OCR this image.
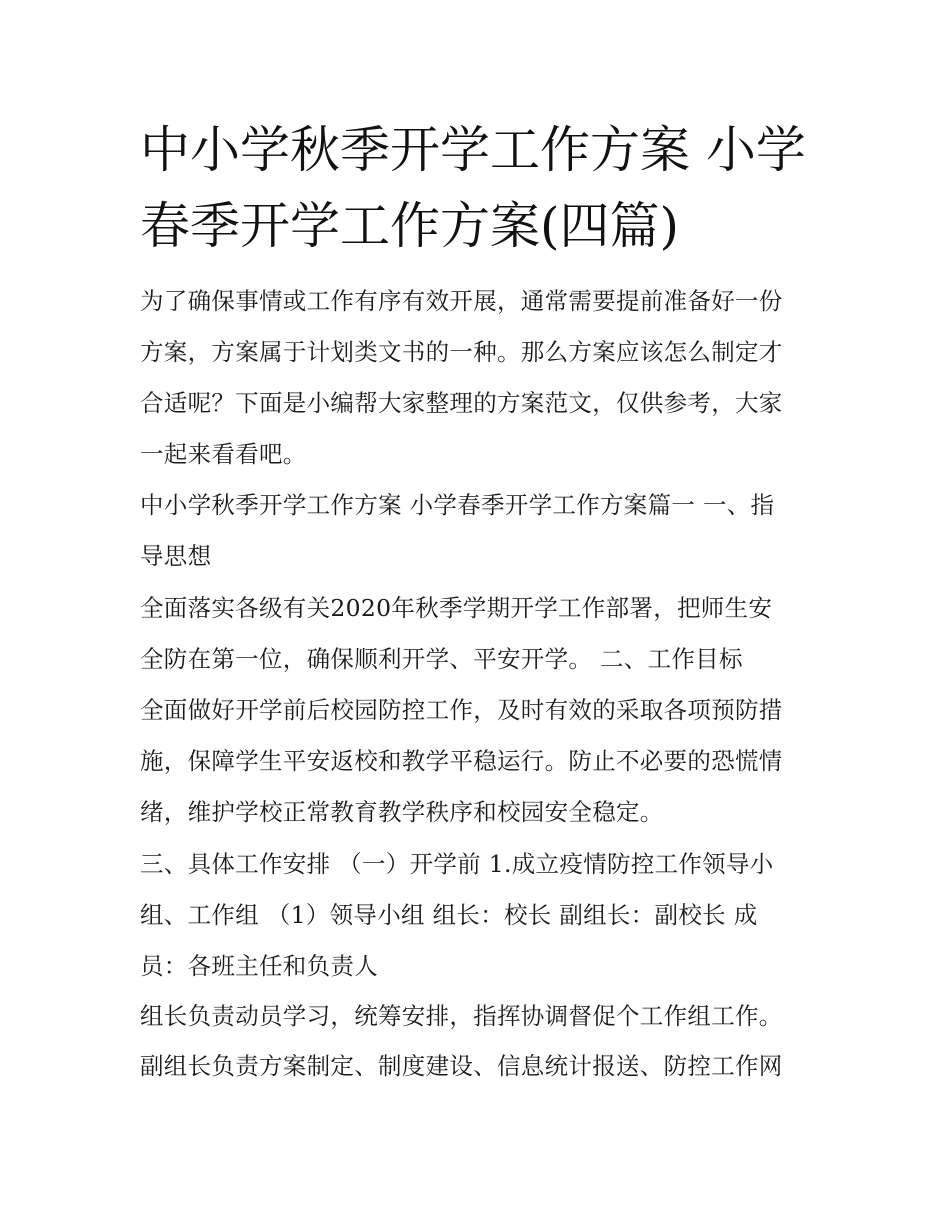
中小学秋季开学工作方案 小学
春季开学工作方案(四篇)

为了确保事情或工作有序有效开展，通常需要提前准备好一份
方案，方案属于计划类文书的一种。那么方案应该怎么制定才
合适呢？下面是小编帮大家整理的方案范文，仅供参考，大家
一起来看看吧。

中小学秋季开学工作方案 小学春季开学工作方案篇一 一、指
导思想

全面落实各级有关2020年秋季学期开学工作部署，把师生安
全防在第一位，确保顺利开学、平安开学。 二、工作目标

全面做好开学前后校园防控工作，及时有效的采取各项预防措
施，保障学生平安返校和教学平稳运行。防止不必要的恐慌情
绪，维护学校正常教育教学秩序和校园安全稳定。

三、具体工作安排 （一）开学前 1.成立疫情防控工作领导小
组、工作组 （1）领导小组 组长：校长 副组长：副校长 成
员：各班主任和负责人

组长负责动员学习，统筹安排，指挥协调督促个工作组工作。
副组长负责方案制定、制度建设、信息统计报送、防控工作网
